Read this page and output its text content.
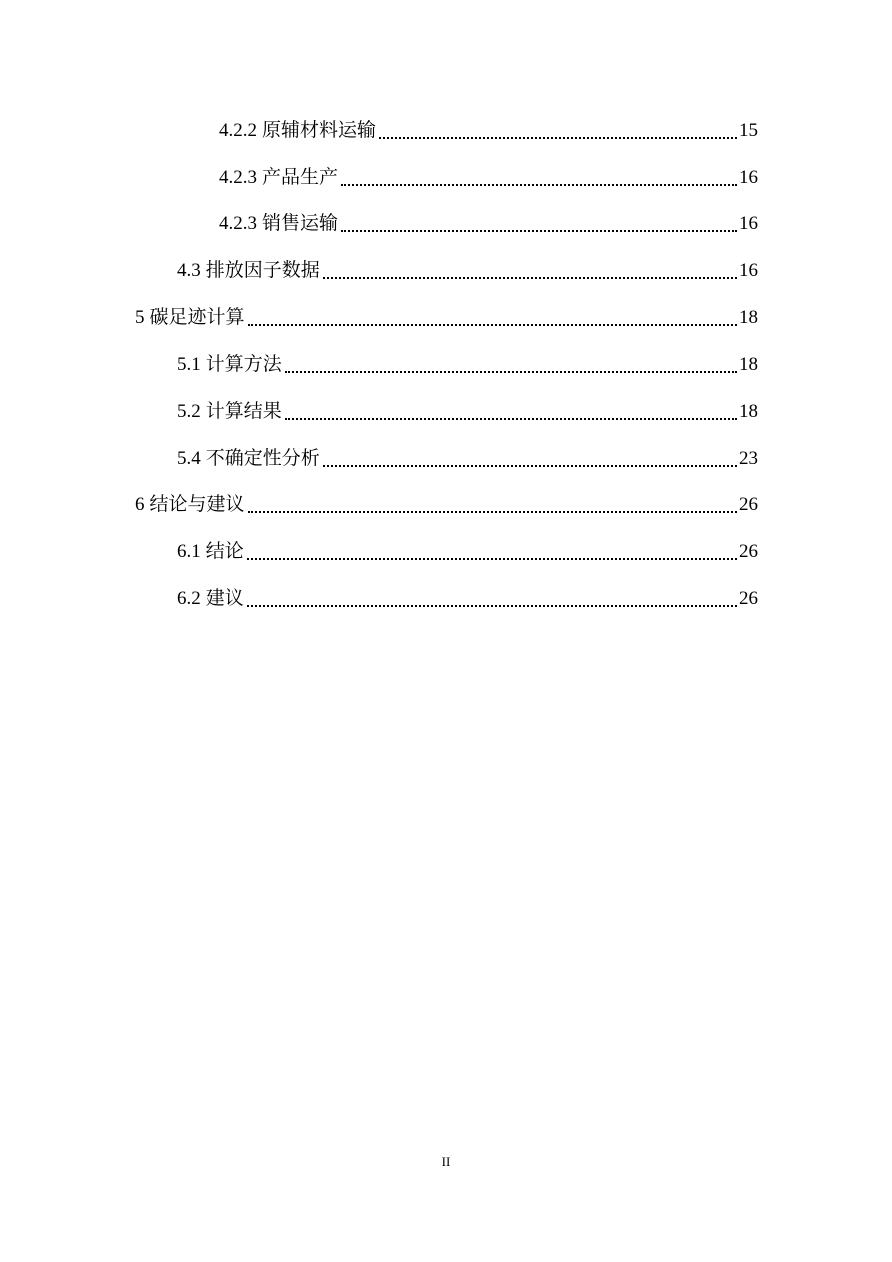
4.2.2 原辅材料运输	15
4.2.3 产品生产	16
4.2.3 销售运输	16
4.3 排放因子数据	16
5 碳足迹计算	18
5.1 计算方法	18
5.2 计算结果	18
5.4 不确定性分析	23
6 结论与建议	26
6.1 结论	26
6.2 建议	26
II
